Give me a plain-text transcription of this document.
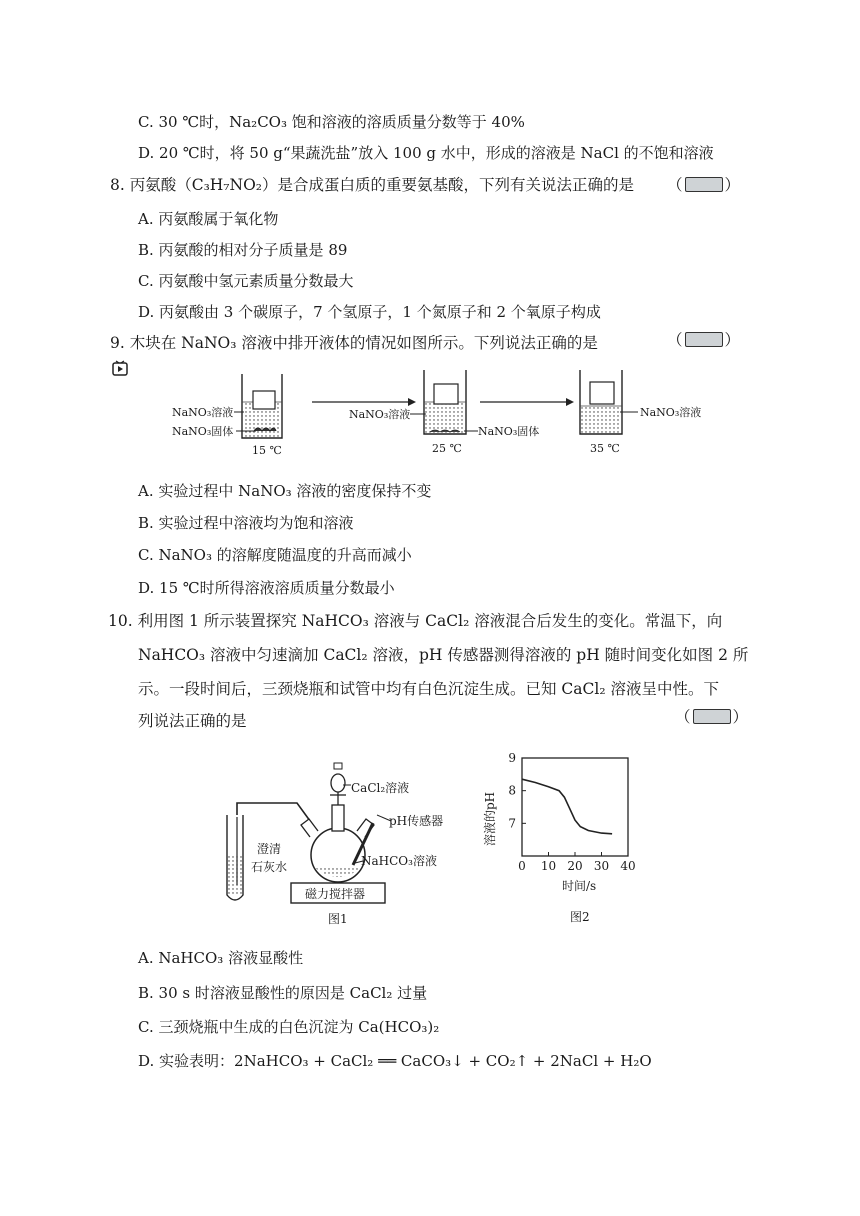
C. 30 ℃时，Na₂CO₃ 饱和溶液的溶质质量分数等于 40%
D. 20 ℃时，将 50 g“果蔬洗盐”放入 100 g 水中，形成的溶液是 NaCl 的不饱和溶液
8. 丙氨酸（C₃H₇NO₂）是合成蛋白质的重要氨基酸，下列有关说法正确的是 （	）
A. 丙氨酸属于氧化物
B. 丙氨酸的相对分子质量是 89
C. 丙氨酸中氢元素质量分数最大
D. 丙氨酸由 3 个碳原子，7 个氢原子，1 个氮原子和 2 个氧原子构成
9. 木块在 NaNO₃ 溶液中排开液体的情况如图所示。下列说法正确的是	（	）
NaNO₃溶液
NaNO₃固体
15 ℃
NaNO₃溶液
NaNO₃固体
25 ℃
NaNO₃溶液
35 ℃
A. 实验过程中 NaNO₃ 溶液的密度保持不变
B. 实验过程中溶液均为饱和溶液
C. NaNO₃ 的溶解度随温度的升高而减小
D. 15 ℃时所得溶液溶质质量分数最小
10. 利用图 1 所示装置探究 NaHCO₃ 溶液与 CaCl₂ 溶液混合后发生的变化。常温下，向
NaHCO₃ 溶液中匀速滴加 CaCl₂ 溶液，pH 传感器测得溶液的 pH 随时间变化如图 2 所
示。一段时间后，三颈烧瓶和试管中均有白色沉淀生成。已知 CaCl₂ 溶液呈中性。下
列说法正确的是	（	）
CaCl₂溶液
pH传感器
NaHCO₃溶液
澄清
石灰水
磁力搅拌器
图1
0 10 20 30 40
7
8
9
溶液的pH
时间/s
图2
A. NaHCO₃ 溶液显酸性
B. 30 s 时溶液显酸性的原因是 CaCl₂ 过量
C. 三颈烧瓶中生成的白色沉淀为 Ca(HCO₃)₂
D. 实验表明：2NaHCO₃ + CaCl₂ ══ CaCO₃↓ + CO₂↑ + 2NaCl + H₂O
